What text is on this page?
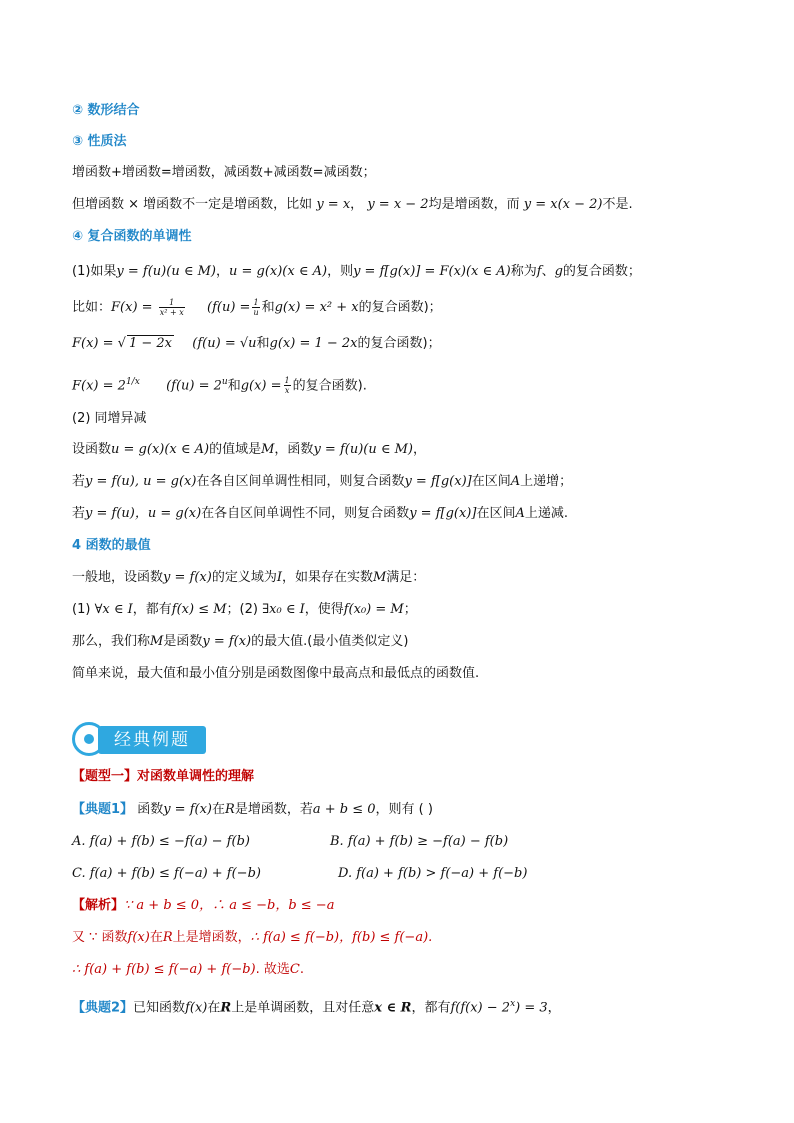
② 数形结合
③ 性质法
增函数+增函数=增函数，减函数+减函数=减函数；
但增函数 × 增函数不一定是增函数，比如 y = x， y = x − 2均是增函数，而 y = x(x − 2)不是.
④ 复合函数的单调性
(1)如果y = f(u)(u ∈ M)，u = g(x)(x ∈ A)，则y = f[g(x)] = F(x)(x ∈ A)称为f、g的复合函数；
比如：$F(x) = \frac{1}{\text{x² + x}} (f(u) = \frac{1}{u}$ 和g(x) = x² + x的复合函数)；
F(x) = √ 1 − 2x (f(u) = √u和g(x) = 1 − 2x的复合函数)；
$F(x) = 2^{1/x}$ ($f(u) = 2^u$和$g(x) = \frac{1}{x}$ 的复合函数).
(2) 同增异减
设函数u = g(x)(x ∈ A)的值域是M，函数y = f(u)(u ∈ M)，
若y = f(u), u = g(x)在各自区间单调性相同，则复合函数y = f[g(x)]在区间A上递增；
若y = f(u)，u = g(x)在各自区间单调性不同，则复合函数y = f[g(x)]在区间A上递减.
4 函数的最值
一般地，设函数y = f(x)的定义域为I，如果存在实数M满足：
(1) ∀x ∈ I，都有f(x) ≤ M；(2) ∃x₀ ∈ I，使得f(x₀) = M；
那么，我们称M是函数y = f(x)的最大值.(最小值类似定义)
简单来说，最大值和最小值分别是函数图像中最高点和最低点的函数值.
经典例题
【题型一】对函数单调性的理解
【典题1】 函数y = f(x)在R是增函数，若a + b ≤ 0，则有 ( )
A. f(a) + f(b) ≤ −f(a) − f(b)	B. f(a) + f(b) ≥ −f(a) − f(b)
C. f(a) + f(b) ≤ f(−a) + f(−b)	D. f(a) + f(b) > f(−a) + f(−b)
【解析】∵ a + b ≤ 0，∴ a ≤ −b，b ≤ −a
又 ∵ 函数f(x)在R上是增函数，∴ f(a) ≤ f(−b)，f(b) ≤ f(−a).
∴ f(a) + f(b) ≤ f(−a) + f(−b). 故选C.
【典题2】已知函数f(x)在R上是单调函数，且对任意x ∈ R，都有$f(f(x) - 2^x) = 3$，
